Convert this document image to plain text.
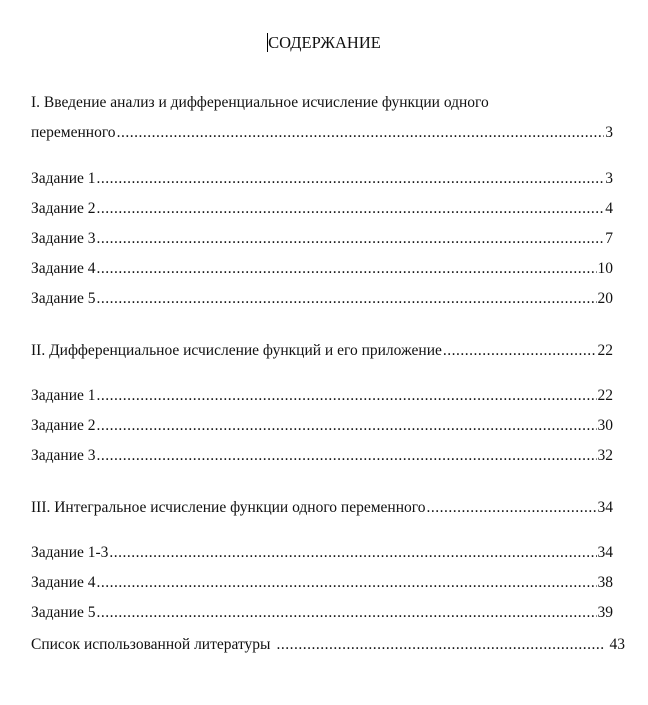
СОДЕРЖАНИЕ
I. Введение анализ и дифференциальное исчисление функции одного
переменного .....	3
Задание 1 .....	3
Задание 2 .....	4
Задание 3 .....	7
Задание 4 .....	10
Задание 5 .....	20
II. Дифференциальное исчисление функций и его приложение .....	22
Задание 1 .....	22
Задание 2 .....	30
Задание 3 .....	32
III. Интегральное исчисление функции одного переменного .....	34
Задание 1-3 .....	34
Задание 4 .....	38
Задание 5 .....	39
Список использованной литературы .....	43
